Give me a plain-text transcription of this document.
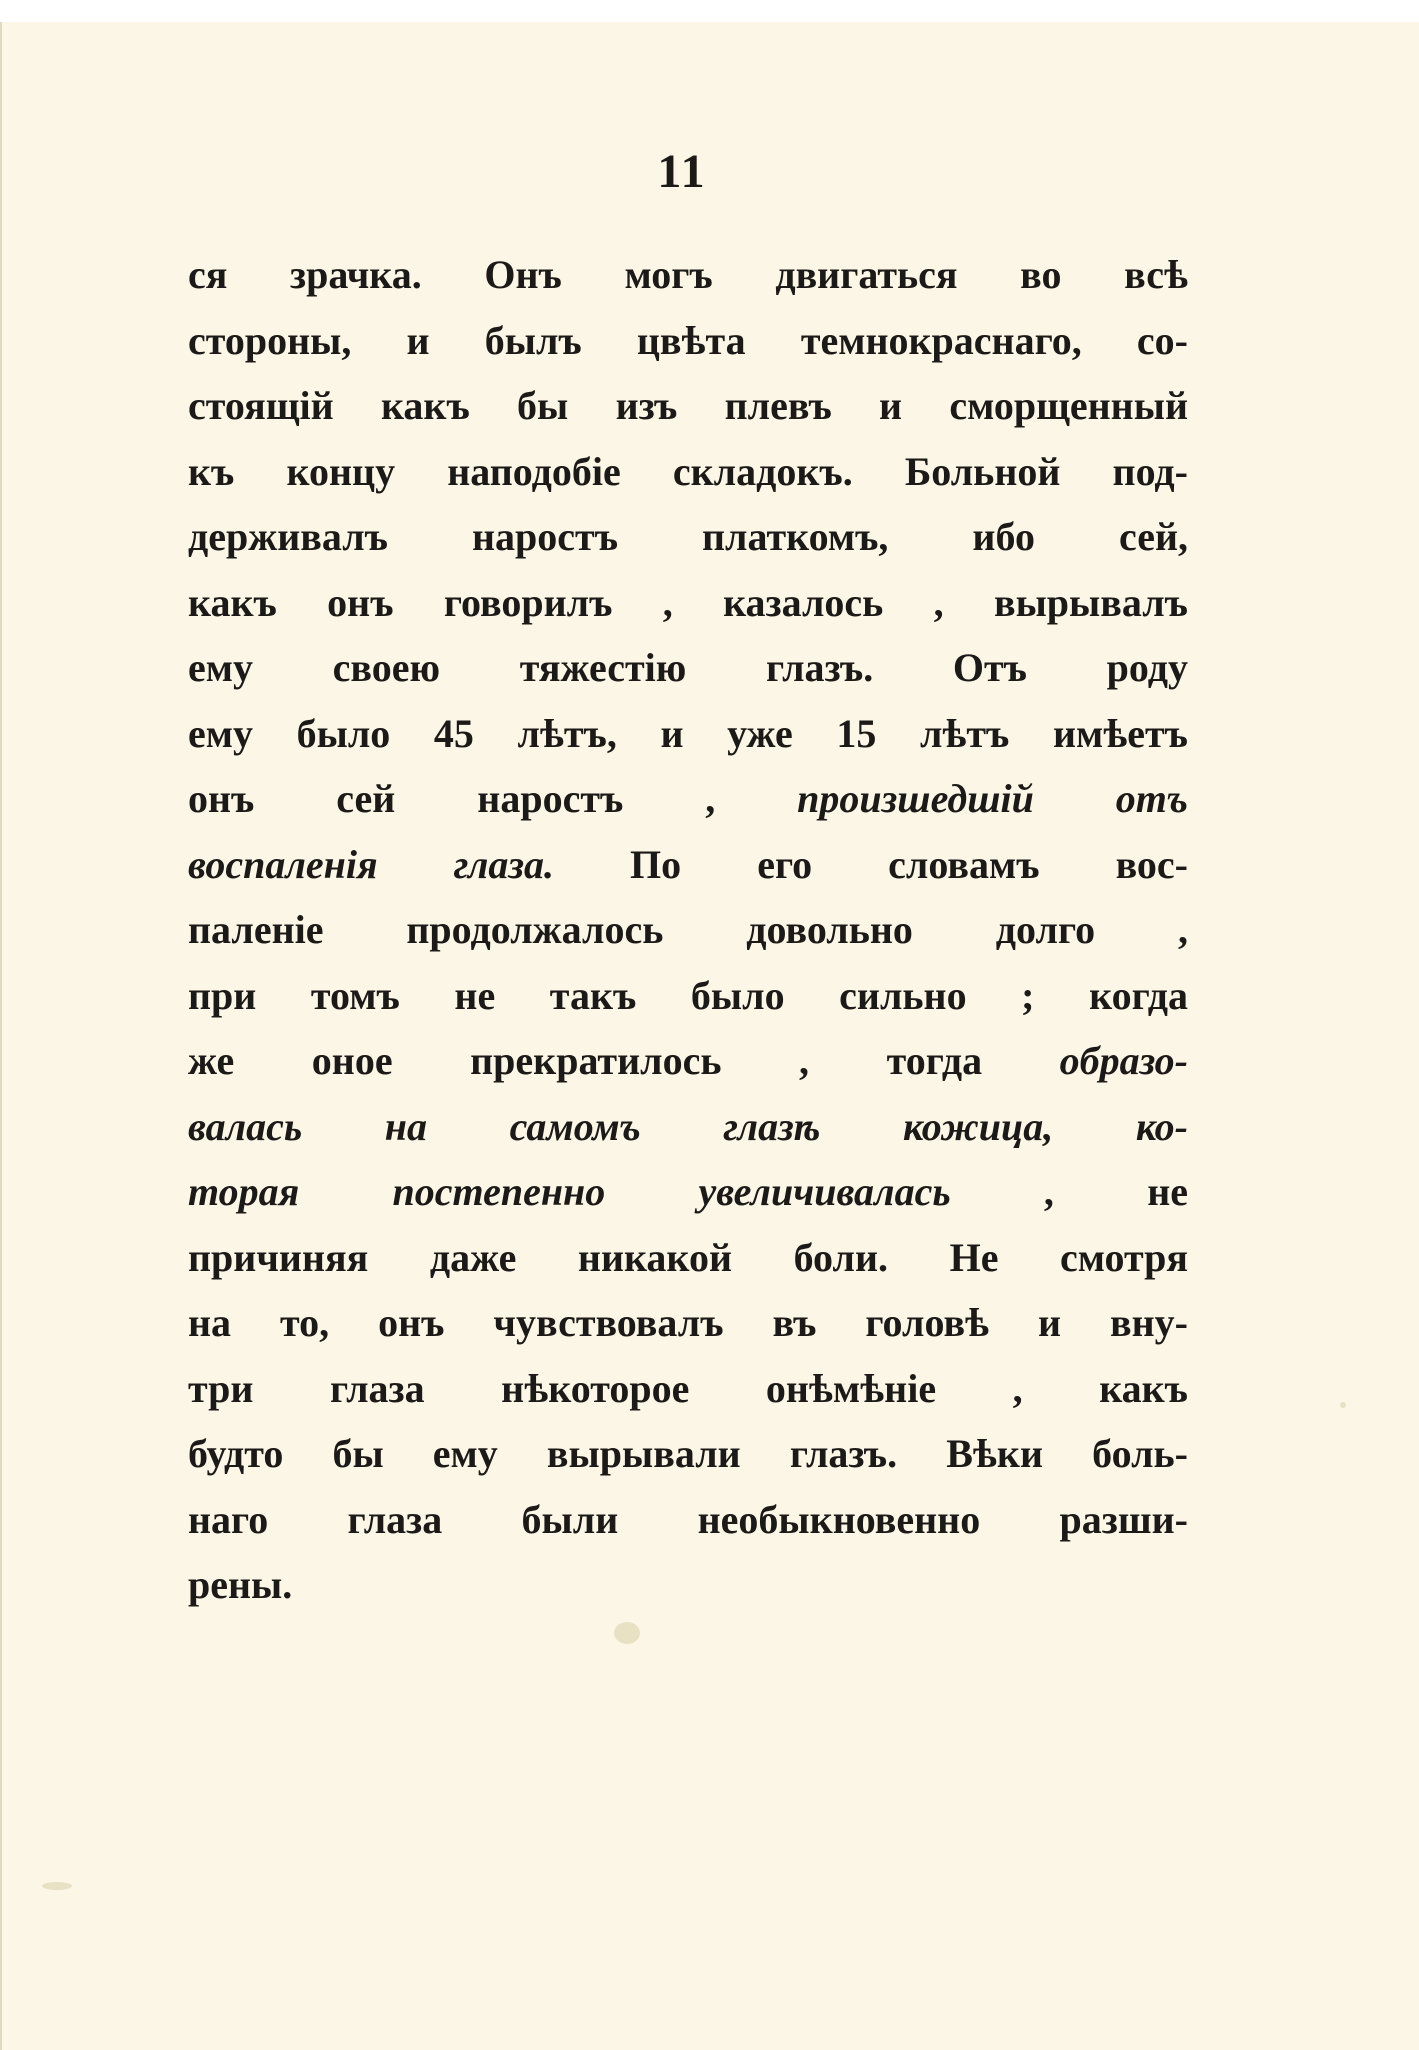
11
ся зрачка. Онъ могъ двигаться во всѣ
стороны, и былъ цвѣта темнокраснаго, со-
стоящій какъ бы изъ плевъ и сморщенный
къ концу наподобіе складокъ. Больной под-
держивалъ наростъ платкомъ, ибо сей,
какъ онъ говорилъ , казалось , вырывалъ
ему своею тяжестію глазъ. Отъ роду
ему было 45 лѣтъ, и уже 15 лѣтъ имѣетъ
онъ сей наростъ , произшедшій отъ
воспаленія глаза. По его словамъ вос-
паленіе продолжалось довольно долго ,
при томъ не такъ было сильно ; когда
же оное прекратилось , тогда образо-
валась на самомъ глазѣ кожица, ко-
торая постепенно увеличивалась , не
причиняя даже никакой боли. Не смотря
на то, онъ чувствовалъ въ головѣ и вну-
три глаза нѣкоторое онѣмѣніе , какъ
будто бы ему вырывали глазъ. Вѣки боль-
наго глаза были необыкновенно разши-
рены.
